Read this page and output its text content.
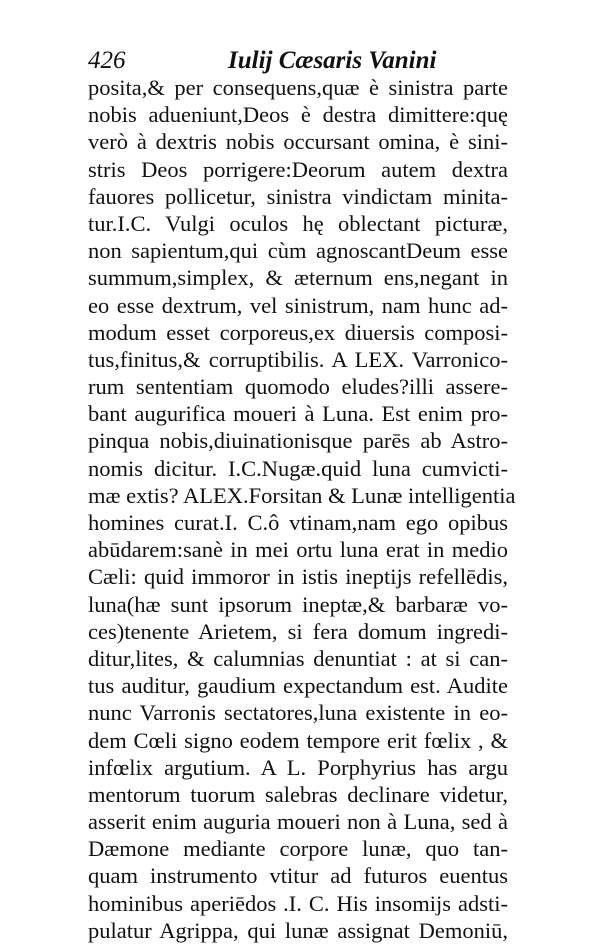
426	Iulij Cæsaris Vanini
posita,& per consequens,quæ è sinistra parte
nobis adueniunt,Deos è destra dimittere:quę
verò à dextris nobis occursant omina, è sini-
stris Deos porrigere:Deorum autem dextra
fauores pollicetur, sinistra vindictam minita-
tur.I.C. Vulgi oculos hę oblectant picturæ,
non sapientum,qui cùm agnoscantDeum esse
summum,simplex, & æternum ens,negant in
eo esse dextrum, vel sinistrum, nam hunc ad-
modum esset corporeus,ex diuersis composi-
tus,finitus,& corruptibilis. A LEX. Varronico-
rum sententiam quomodo eludes?illi assere-
bant augurifica moueri à Luna. Est enim pro-
pinqua nobis,diuinationisque parēs ab Astro-
nomis dicitur. I.C.Nugæ.quid luna cumvicti-
mæ extis? ALEX.Forsitan & Lunæ intelligentia
homines curat.I. C.ô vtinam,nam ego opibus
abūdarem:sanè in mei ortu luna erat in medio
Cæli: quid immoror in istis ineptijs refellēdis,
luna(hæ sunt ipsorum ineptæ,& barbaræ vo-
ces)tenente Arietem, si fera domum ingredi-
ditur,lites, & calumnias denuntiat : at si can-
tus auditur, gaudium expectandum est. Audite
nunc Varronis sectatores,luna existente in eo-
dem Cœli signo eodem tempore erit fœlix , &
infœlix argutium. A L. Porphyrius has argu
mentorum tuorum salebras declinare videtur,
asserit enim auguria moueri non à Luna, sed à
Dæmone mediante corpore lunæ, quo tan-
quam instrumento vtitur ad futuros euentus
hominibus aperiēdos .I. C. His insomijs adsti-
pulatur Agrippa, qui lunæ assignat Demoniū,
